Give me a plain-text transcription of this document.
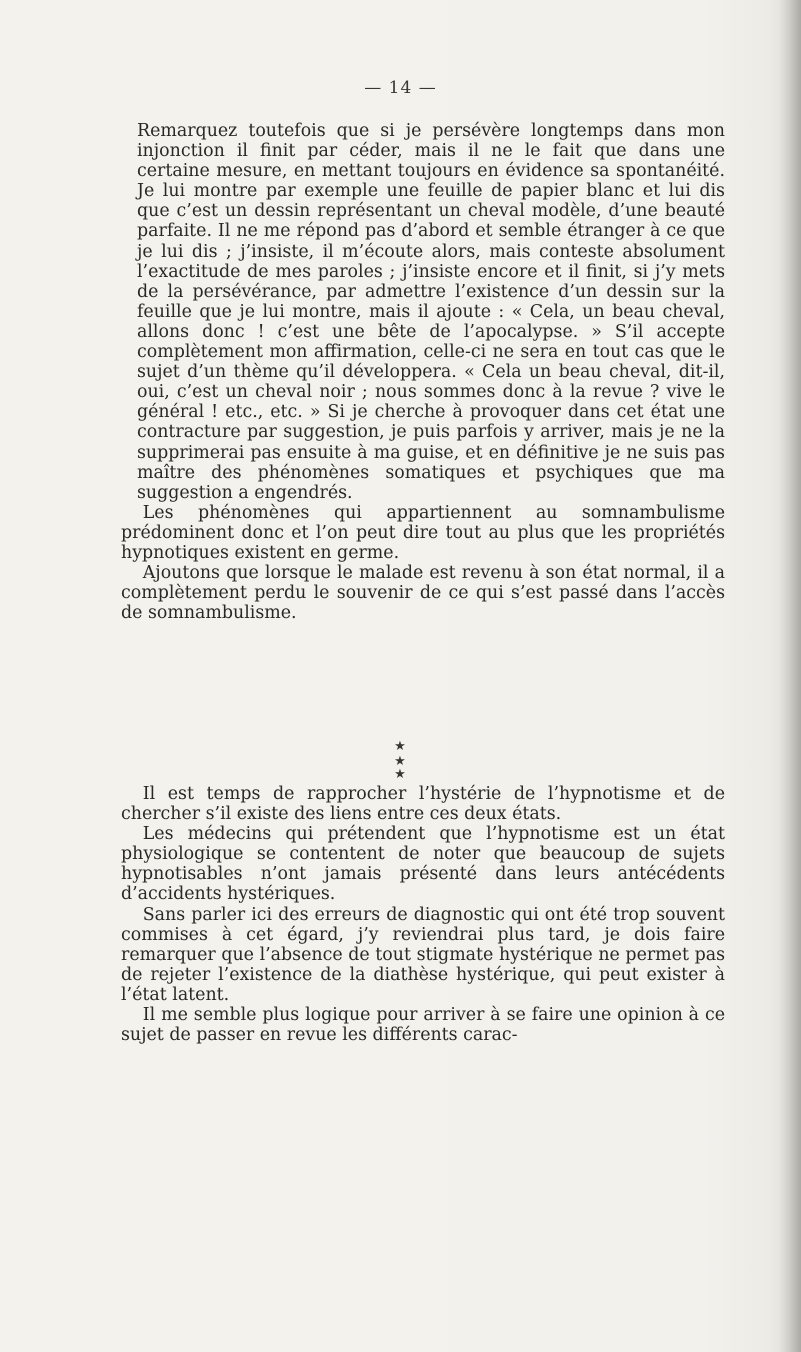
— 14 —

Remarquez toutefois que si je persévère longtemps dans mon injonction il finit par céder, mais il ne le fait que dans une certaine mesure, en mettant toujours en évidence sa spontanéité. Je lui montre par exemple une feuille de papier blanc et lui dis que c’est un dessin représentant un cheval modèle, d’une beauté parfaite. Il ne me répond pas d’abord et semble étranger à ce que je lui dis ; j’insiste, il m’écoute alors, mais conteste absolument l’exactitude de mes paroles ; j’insiste encore et il finit, si j’y mets de la persévérance, par admettre l’existence d’un dessin sur la feuille que je lui montre, mais il ajoute : « Cela, un beau cheval, allons donc ! c’est une bête de l’apocalypse. » S’il accepte complètement mon affirmation, celle-ci ne sera en tout cas que le sujet d’un thème qu’il développera. « Cela un beau cheval, dit-il, oui, c’est un cheval noir ; nous sommes donc à la revue ? vive le général ! etc., etc. » Si je cherche à provoquer dans cet état une contracture par suggestion, je puis parfois y arriver, mais je ne la supprimerai pas ensuite à ma guise, et en définitive je ne suis pas maître des phénomènes somatiques et psychiques que ma suggestion a engendrés.

Les phénomènes qui appartiennent au somnambulisme prédominent donc et l’on peut dire tout au plus que les propriétés hypnotiques existent en germe.

Ajoutons que lorsque le malade est revenu à son état normal, il a complètement perdu le souvenir de ce qui s’est passé dans l’accès de somnambulisme.

★
★ ★

Il est temps de rapprocher l’hystérie de l’hypnotisme et de chercher s’il existe des liens entre ces deux états.

Les médecins qui prétendent que l’hypnotisme est un état physiologique se contentent de noter que beaucoup de sujets hypnotisables n’ont jamais présenté dans leurs antécédents d’accidents hystériques.

Sans parler ici des erreurs de diagnostic qui ont été trop souvent commises à cet égard, j’y reviendrai plus tard, je dois faire remarquer que l’absence de tout stigmate hystérique ne permet pas de rejeter l’existence de la diathèse hystérique, qui peut exister à l’état latent.

Il me semble plus logique pour arriver à se faire une opinion à ce sujet de passer en revue les différents carac-
